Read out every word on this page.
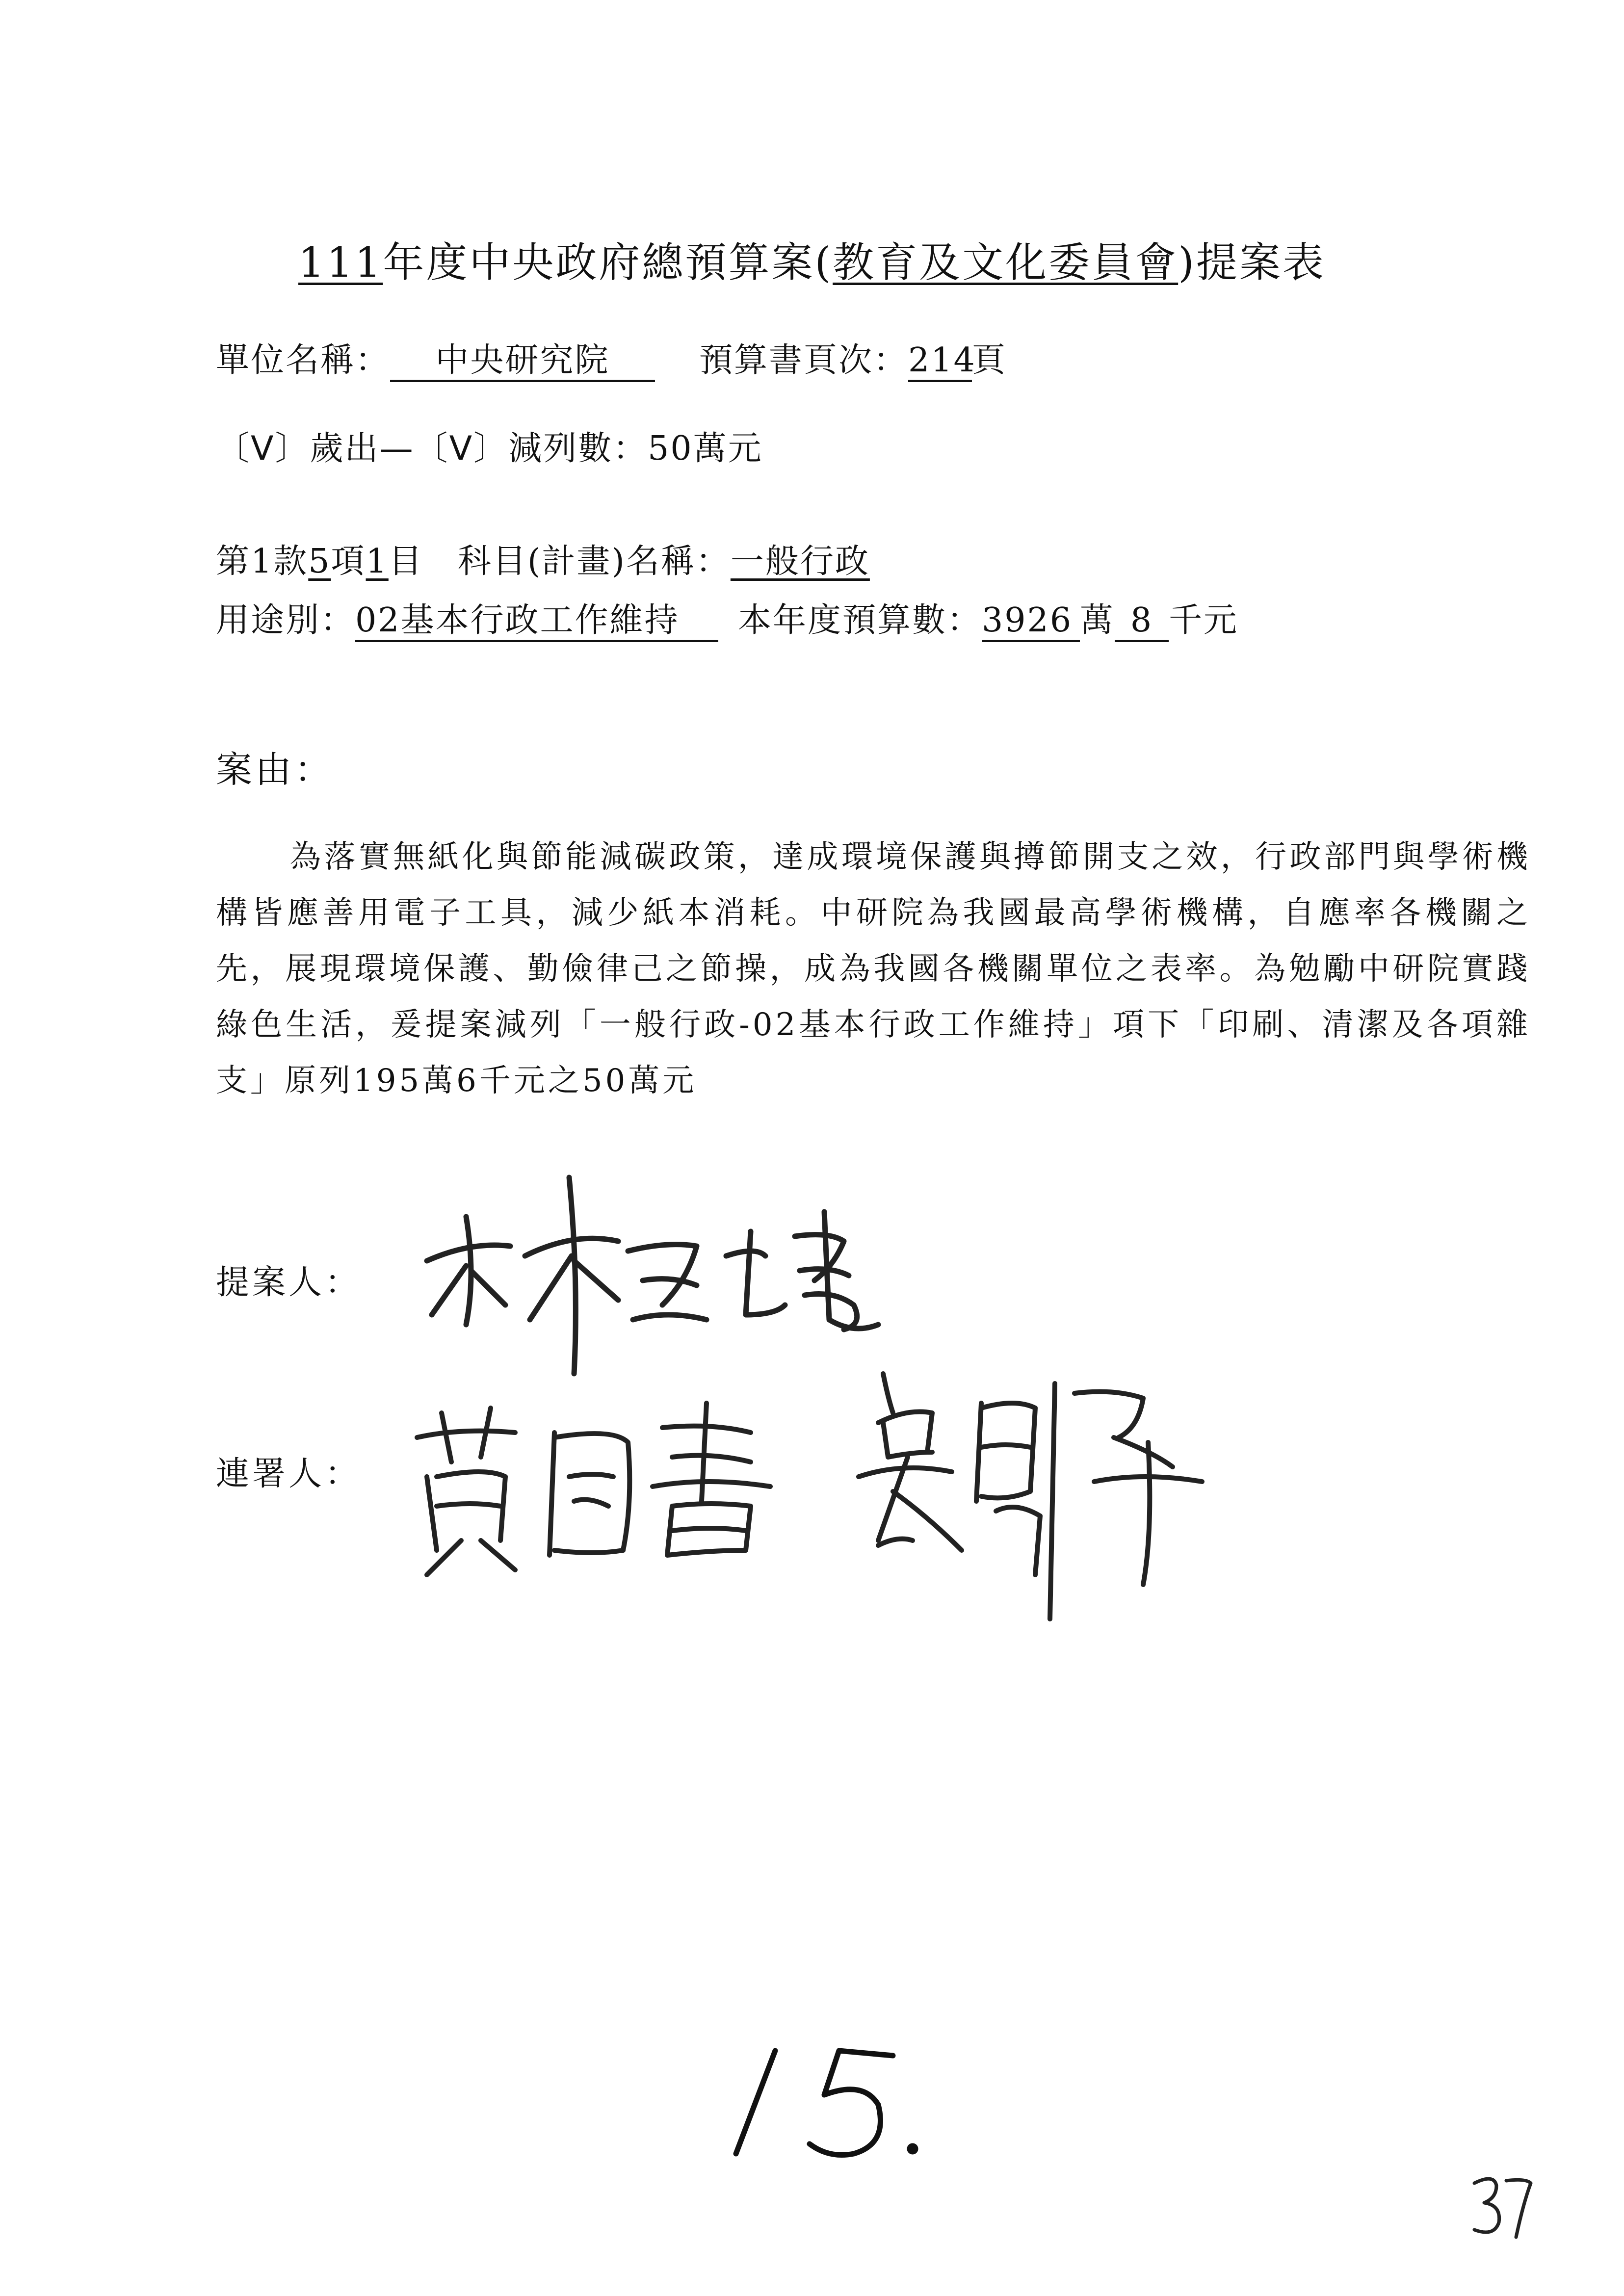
111年度中央政府總預算案(教育及文化委員會)提案表
單位名稱： 中央研究院	預算書頁次：214頁
〔V〕歲出—〔V〕減列數：50萬元
第1款5項1目 科目(計畫)名稱：一般行政
用途別：02基本行政工作維持 本年度預算數：3926 萬 8 千元
案由：
為落實無紙化與節能減碳政策，達成環境保護與撙節開支之效，行政部門與學術機構皆應善用電子工具，減少紙本消耗。中研院為我國最高學術機構，自應率各機關之先，展現環境保護、勤儉律己之節操，成為我國各機關單位之表率。為勉勵中研院實踐綠色生活，爰提案減列「一般行政-02基本行政工作維持」項下「印刷、清潔及各項雜支」原列195萬6千元之50萬元
提案人：
連署人：
